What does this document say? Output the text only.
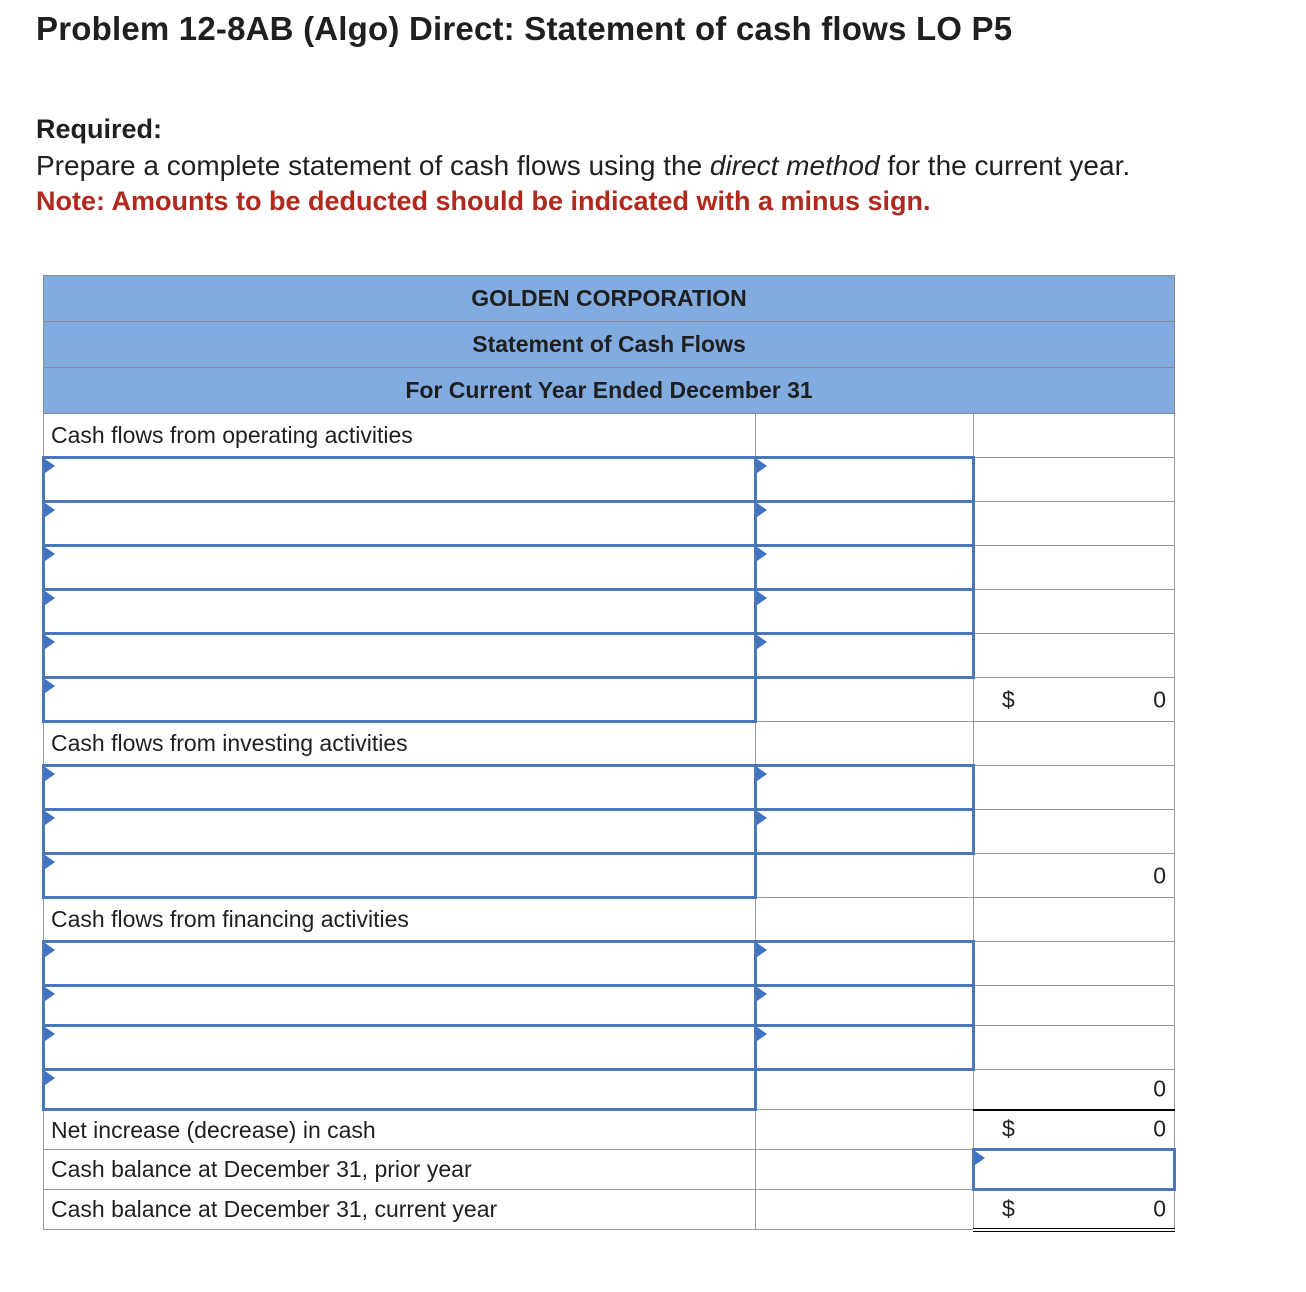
Problem 12-8AB (Algo) Direct: Statement of cash flows LO P5
Required:
Prepare a complete statement of cash flows using the direct method for the current year.
Note: Amounts to be deducted should be indicated with a minus sign.
GOLDEN CORPORATION		
Statement of Cash Flows		
For Current Year Ended December 31		
Cash flows from operating activities		

		$ 0

Cash flows from investing activities		

		0

Cash flows from financing activities		

		0

Net increase (decrease) in cash		$ 0

Cash balance at December 31, prior year		
Cash balance at December 31, current year		$ 0
